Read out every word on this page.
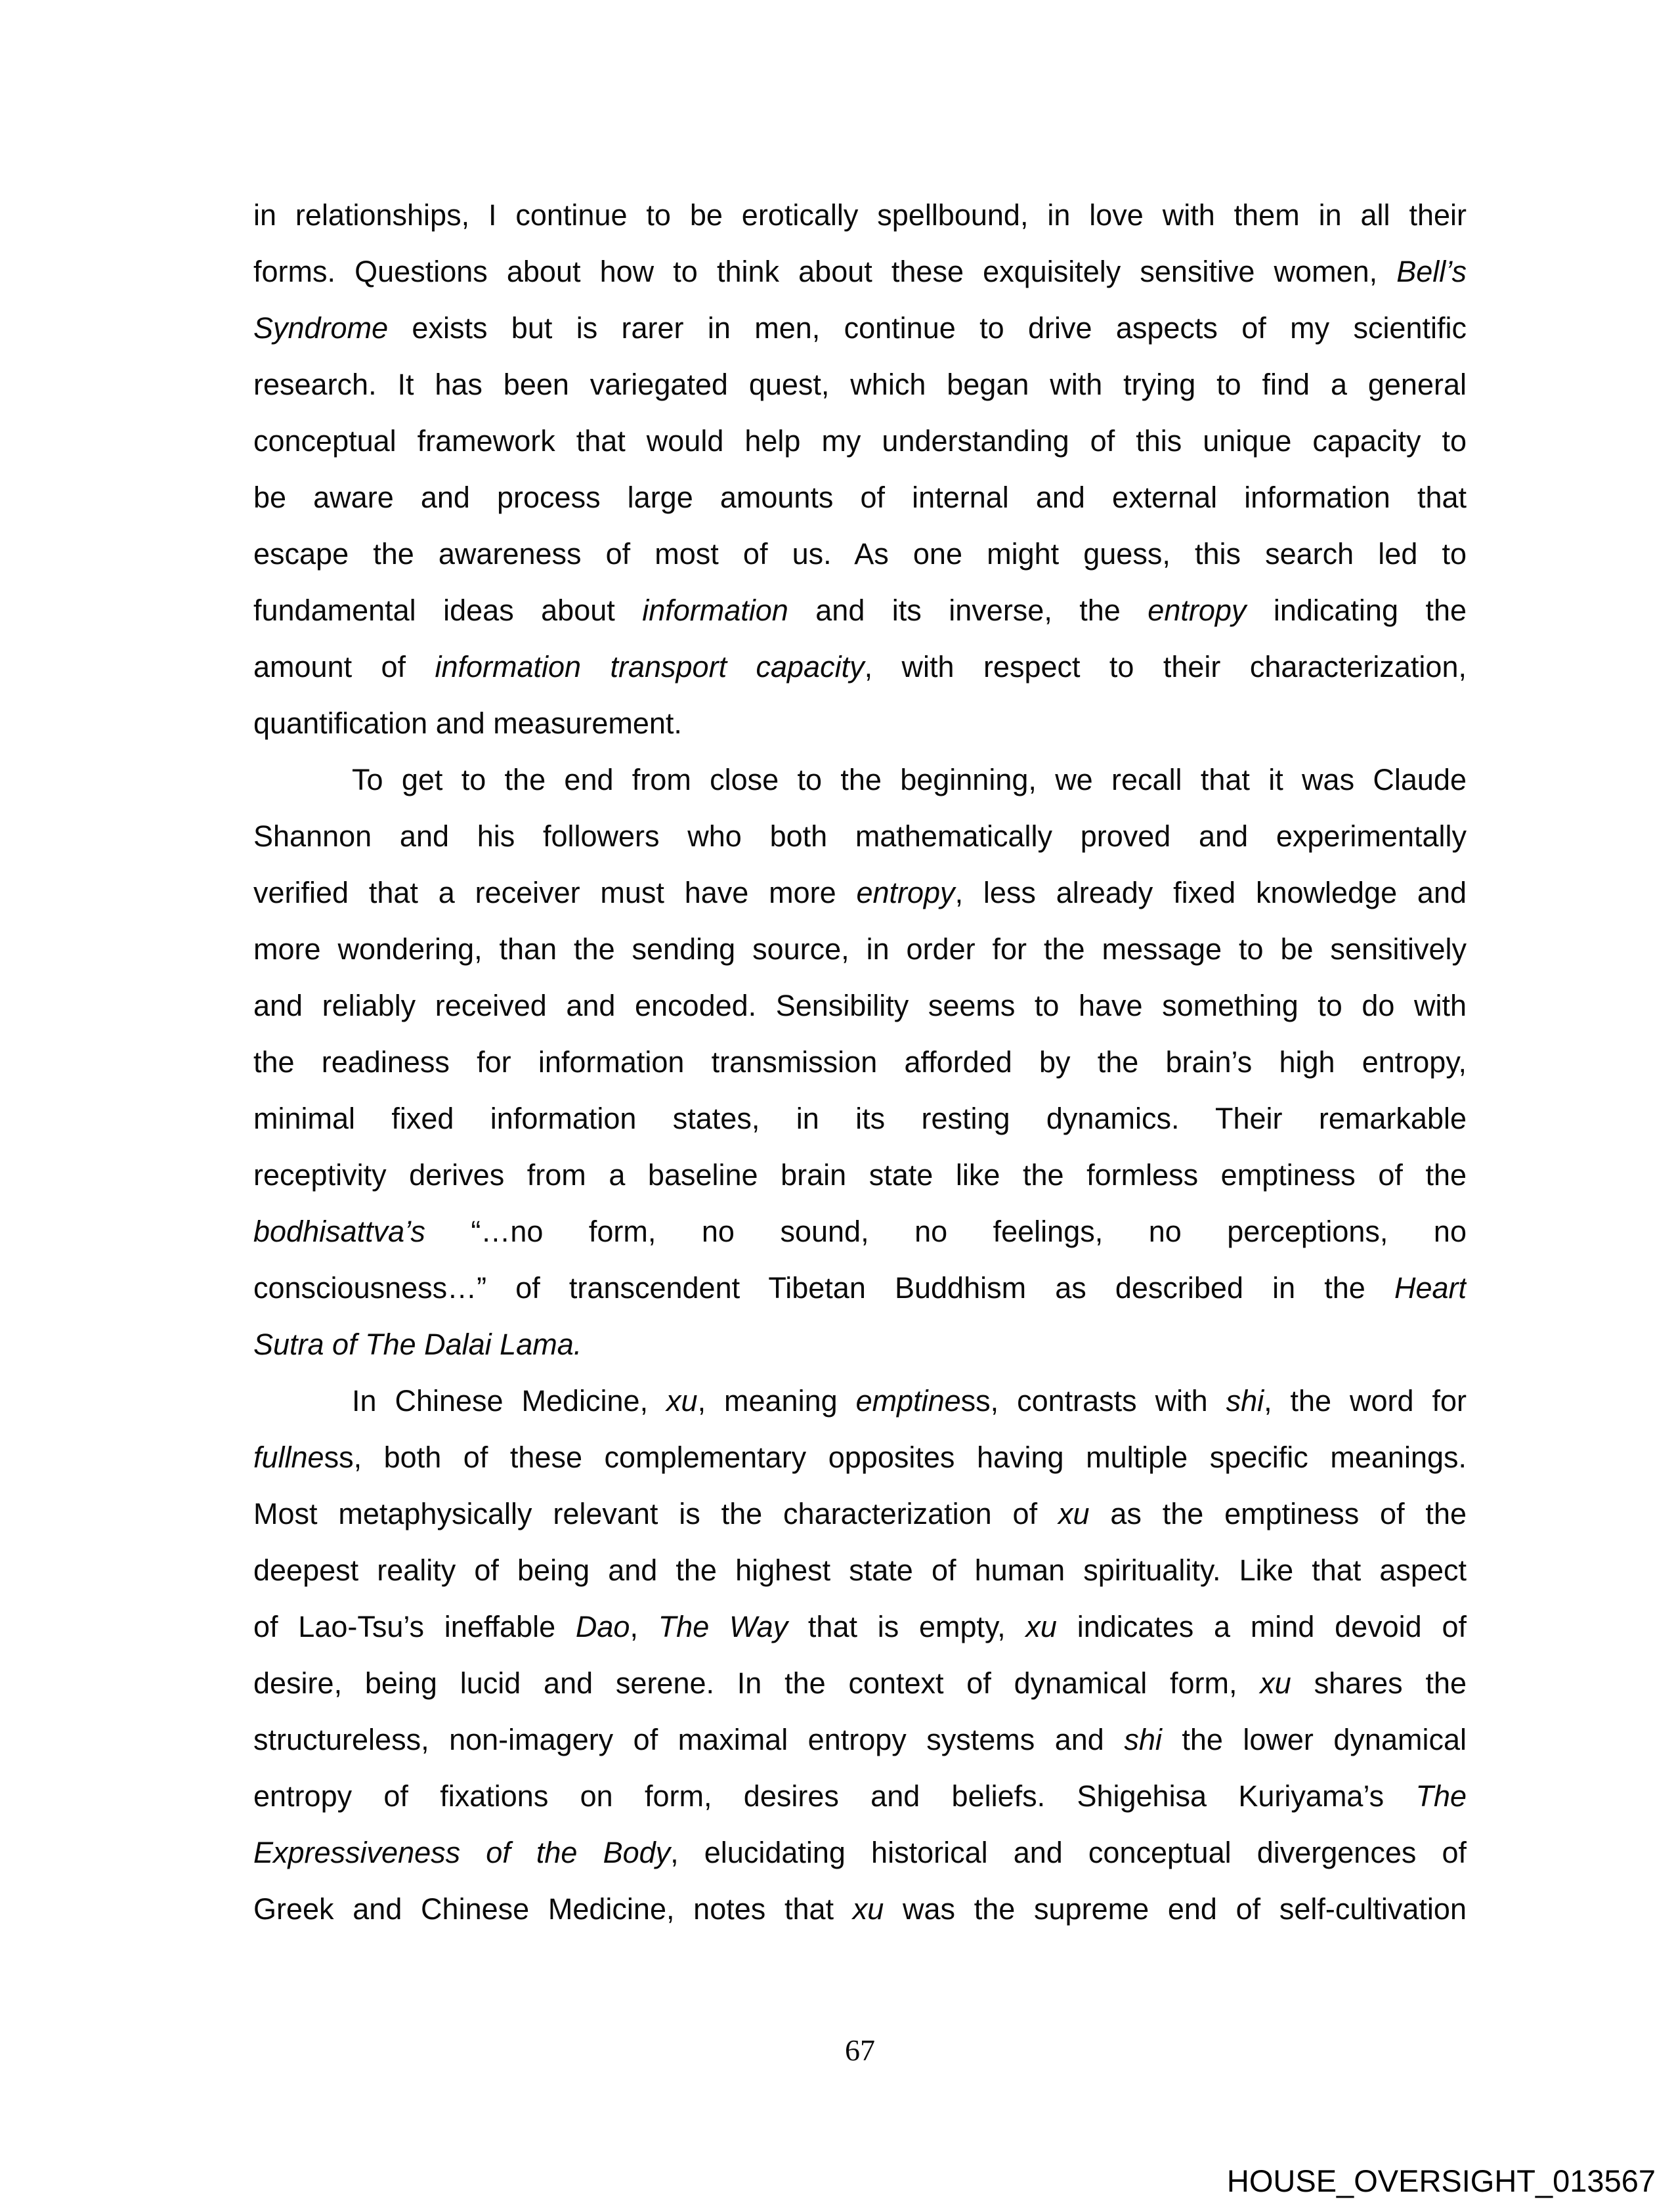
in relationships, I continue to be erotically spellbound, in love with them in all their
forms. Questions about how to think about these exquisitely sensitive women, Bell’s
Syndrome exists but is rarer in men, continue to drive aspects of my scientific
research. It has been variegated quest, which began with trying to find a general
conceptual framework that would help my understanding of this unique capacity to
be aware and process large amounts of internal and external information that
escape the awareness of most of us. As one might guess, this search led to
fundamental ideas about information and its inverse, the entropy indicating the
amount of information transport capacity, with respect to their characterization,
quantification and measurement.
To get to the end from close to the beginning, we recall that it was Claude
Shannon and his followers who both mathematically proved and experimentally
verified that a receiver must have more entropy, less already fixed knowledge and
more wondering, than the sending source, in order for the message to be sensitively
and reliably received and encoded. Sensibility seems to have something to do with
the readiness for information transmission afforded by the brain’s high entropy,
minimal fixed information states, in its resting dynamics. Their remarkable
receptivity derives from a baseline brain state like the formless emptiness of the
bodhisattva’s “…no form, no sound, no feelings, no perceptions, no
consciousness…” of transcendent Tibetan Buddhism as described in the Heart
Sutra of The Dalai Lama.
In Chinese Medicine, xu, meaning emptiness, contrasts with shi, the word for
fullness, both of these complementary opposites having multiple specific meanings.
Most metaphysically relevant is the characterization of xu as the emptiness of the
deepest reality of being and the highest state of human spirituality. Like that aspect
of Lao-Tsu’s ineffable Dao, The Way that is empty, xu indicates a mind devoid of
desire, being lucid and serene. In the context of dynamical form, xu shares the
structureless, non-imagery of maximal entropy systems and shi the lower dynamical
entropy of fixations on form, desires and beliefs. Shigehisa Kuriyama’s The
Expressiveness of the Body, elucidating historical and conceptual divergences of
Greek and Chinese Medicine, notes that xu was the supreme end of self-cultivation
67
HOUSE_OVERSIGHT_013567
